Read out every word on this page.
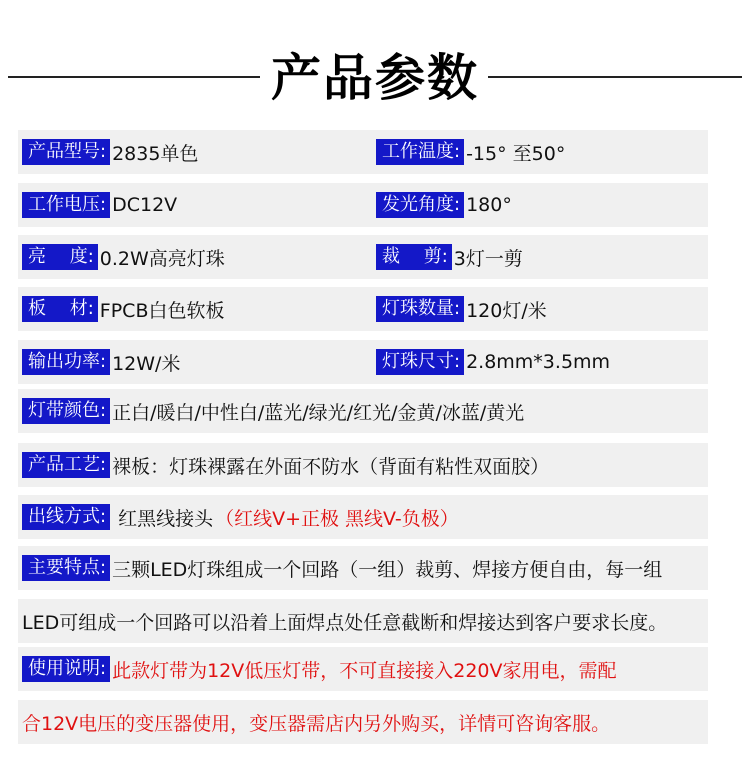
产品参数
产品型号: 2835单色	工作温度: -15° 至50°
工作电压: DC12V	发光角度: 180°
亮　 度: 0.2W高亮灯珠	裁　 剪: 3灯一剪
板　 材: FPCB白色软板	灯珠数量: 120灯/米
输出功率: 12W/米	灯珠尺寸: 2.8mm*3.5mm
灯带颜色: 正白/暖白/中性白/蓝光/绿光/红光/金黄/冰蓝/黄光
产品工艺: 裸板：灯珠裸露在外面不防水（背面有粘性双面胶）
出线方式: 红黑线接头 （红线V+正极 黑线V-负极）
主要特点: 三颗LED灯珠组成一个回路（一组）裁剪、焊接方便自由，每一组
LED可组成一个回路可以沿着上面焊点处任意截断和焊接达到客户要求长度。
使用说明: 此款灯带为12V低压灯带，不可直接接入220V家用电，需配
合12V电压的变压器使用，变压器需店内另外购买，详情可咨询客服。
